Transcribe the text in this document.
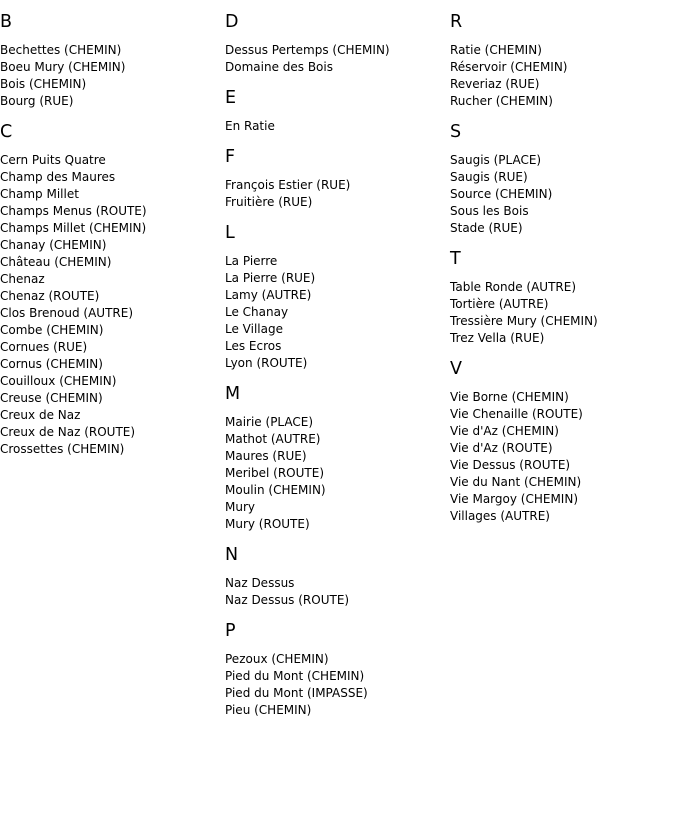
B
Bechettes (CHEMIN)
Boeu Mury (CHEMIN)
Bois (CHEMIN)
Bourg (RUE)
C
Cern Puits Quatre
Champ des Maures
Champ Millet
Champs Menus (ROUTE)
Champs Millet (CHEMIN)
Chanay (CHEMIN)
Château (CHEMIN)
Chenaz
Chenaz (ROUTE)
Clos Brenoud (AUTRE)
Combe (CHEMIN)
Cornues (RUE)
Cornus (CHEMIN)
Couilloux (CHEMIN)
Creuse (CHEMIN)
Creux de Naz
Creux de Naz (ROUTE)
Crossettes (CHEMIN)
D
Dessus Pertemps (CHEMIN)
Domaine des Bois
E
En Ratie
F
François Estier (RUE)
Fruitière (RUE)
L
La Pierre
La Pierre (RUE)
Lamy (AUTRE)
Le Chanay
Le Village
Les Ecros
Lyon (ROUTE)
M
Mairie (PLACE)
Mathot (AUTRE)
Maures (RUE)
Meribel (ROUTE)
Moulin (CHEMIN)
Mury
Mury (ROUTE)
N
Naz Dessus
Naz Dessus (ROUTE)
P
Pezoux (CHEMIN)
Pied du Mont (CHEMIN)
Pied du Mont (IMPASSE)
Pieu (CHEMIN)
R
Ratie (CHEMIN)
Réservoir (CHEMIN)
Reveriaz (RUE)
Rucher (CHEMIN)
S
Saugis (PLACE)
Saugis (RUE)
Source (CHEMIN)
Sous les Bois
Stade (RUE)
T
Table Ronde (AUTRE)
Tortière (AUTRE)
Tressière Mury (CHEMIN)
Trez Vella (RUE)
V
Vie Borne (CHEMIN)
Vie Chenaille (ROUTE)
Vie d'Az (CHEMIN)
Vie d'Az (ROUTE)
Vie Dessus (ROUTE)
Vie du Nant (CHEMIN)
Vie Margoy (CHEMIN)
Villages (AUTRE)
